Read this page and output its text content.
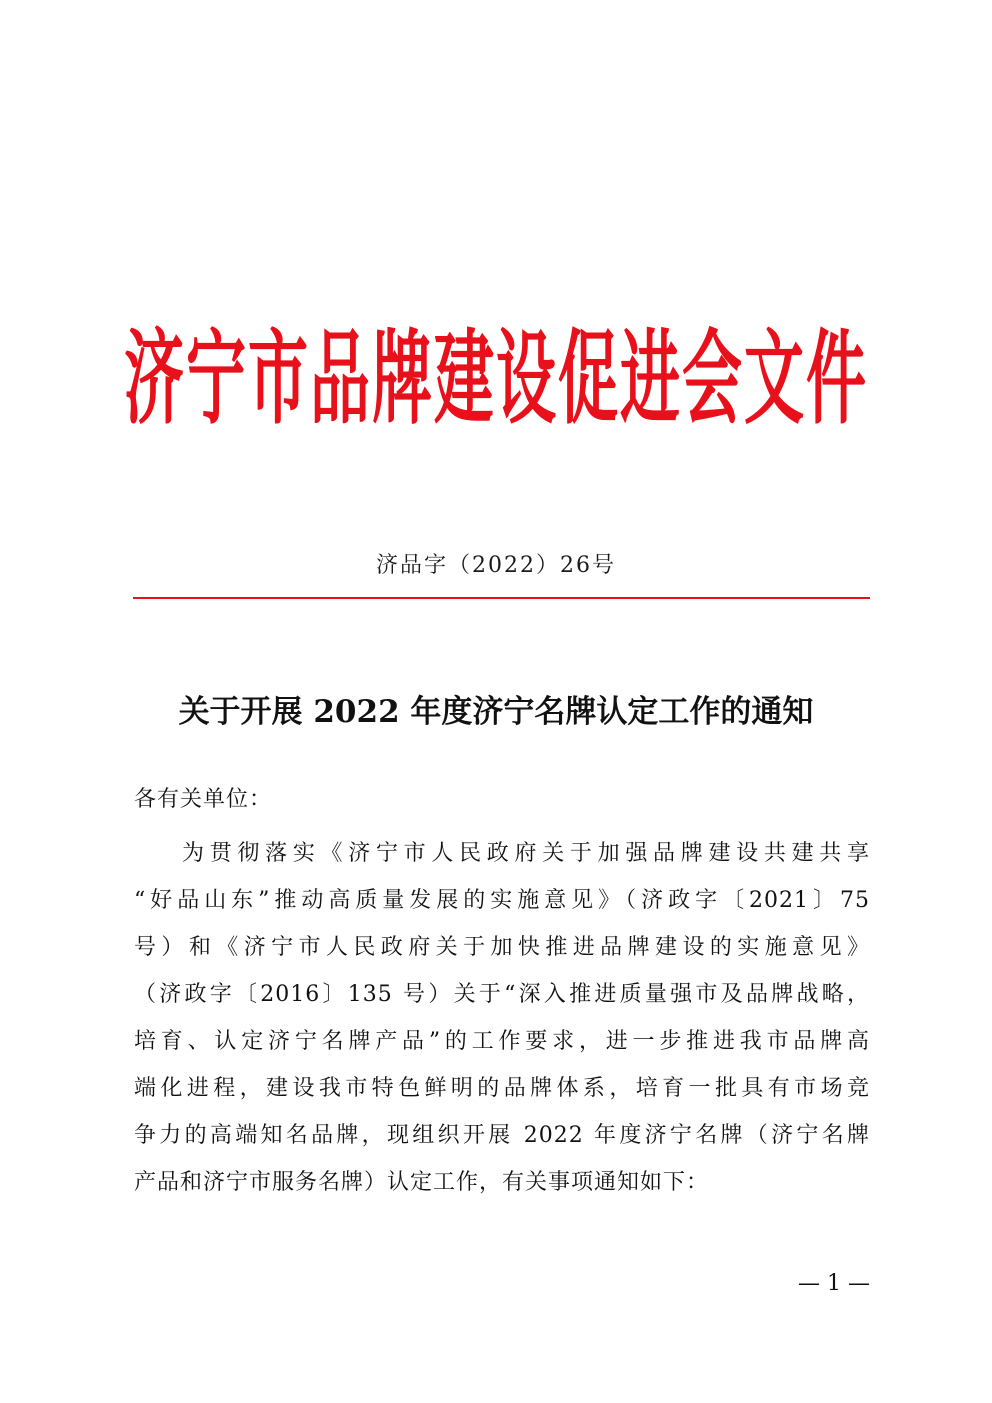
济宁市品牌建设促进会文件
济品字（2022）26号
关于开展 2022 年度济宁名牌认定工作的通知
各有关单位：
为贯彻落实《济宁市人民政府关于加强品牌建设共建共享
“好品山东”推动高质量发展的实施意见》（济政字〔2021〕75
号）和《济宁市人民政府关于加快推进品牌建设的实施意见》
（济政字〔2016〕135 号）关于“深入推进质量强市及品牌战略，
培育、认定济宁名牌产品”的工作要求，进一步推进我市品牌高
端化进程，建设我市特色鲜明的品牌体系，培育一批具有市场竞
争力的高端知名品牌，现组织开展 2022 年度济宁名牌（济宁名牌
产品和济宁市服务名牌）认定工作，有关事项通知如下：
— 1 —
